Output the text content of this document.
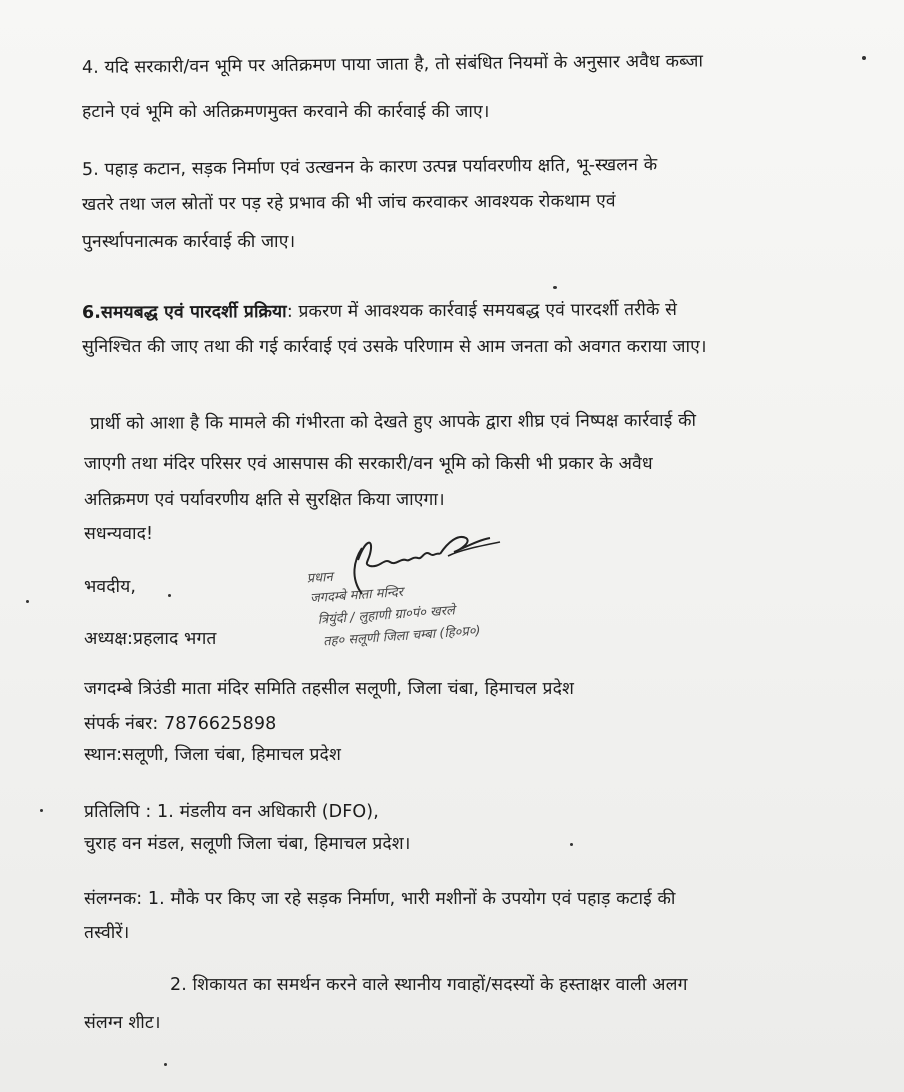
4. यदि सरकारी/वन भूमि पर अतिक्रमण पाया जाता है, तो संबंधित नियमों के अनुसार अवैध कब्जा
हटाने एवं भूमि को अतिक्रमणमुक्त करवाने की कार्रवाई की जाए।
5. पहाड़ कटान, सड़क निर्माण एवं उत्खनन के कारण उत्पन्न पर्यावरणीय क्षति, भू-स्खलन के
खतरे तथा जल स्रोतों पर पड़ रहे प्रभाव की भी जांच करवाकर आवश्यक रोकथाम एवं
पुनर्स्थापनात्मक कार्रवाई की जाए।
6.समयबद्ध एवं पारदर्शी प्रक्रिया: प्रकरण में आवश्यक कार्रवाई समयबद्ध एवं पारदर्शी तरीके से
सुनिश्चित की जाए तथा की गई कार्रवाई एवं उसके परिणाम से आम जनता को अवगत कराया जाए।
प्रार्थी को आशा है कि मामले की गंभीरता को देखते हुए आपके द्वारा शीघ्र एवं निष्पक्ष कार्रवाई की
जाएगी तथा मंदिर परिसर एवं आसपास की सरकारी/वन भूमि को किसी भी प्रकार के अवैध
अतिक्रमण एवं पर्यावरणीय क्षति से सुरक्षित किया जाएगा।
सधन्यवाद!
भवदीय,
अध्यक्ष:प्रहलाद भगत
प्रधान
जगदम्बे माता मन्दिर
त्रियुंदी / लुहाणी ग्रा०पं० खरले
तह० सलूणी जिला चम्बा (हि०प्र०)
जगदम्बे त्रिउंडी माता मंदिर समिति तहसील सलूणी, जिला चंबा, हिमाचल प्रदेश
संपर्क नंबर: 7876625898
स्थान:सलूणी, जिला चंबा, हिमाचल प्रदेश
प्रतिलिपि : 1. मंडलीय वन अधिकारी (DFO),
चुराह वन मंडल, सलूणी जिला चंबा, हिमाचल प्रदेश।
संलग्नक: 1. मौके पर किए जा रहे सड़क निर्माण, भारी मशीनों के उपयोग एवं पहाड़ कटाई की
तस्वीरें।
2. शिकायत का समर्थन करने वाले स्थानीय गवाहों/सदस्यों के हस्ताक्षर वाली अलग
संलग्न शीट।
